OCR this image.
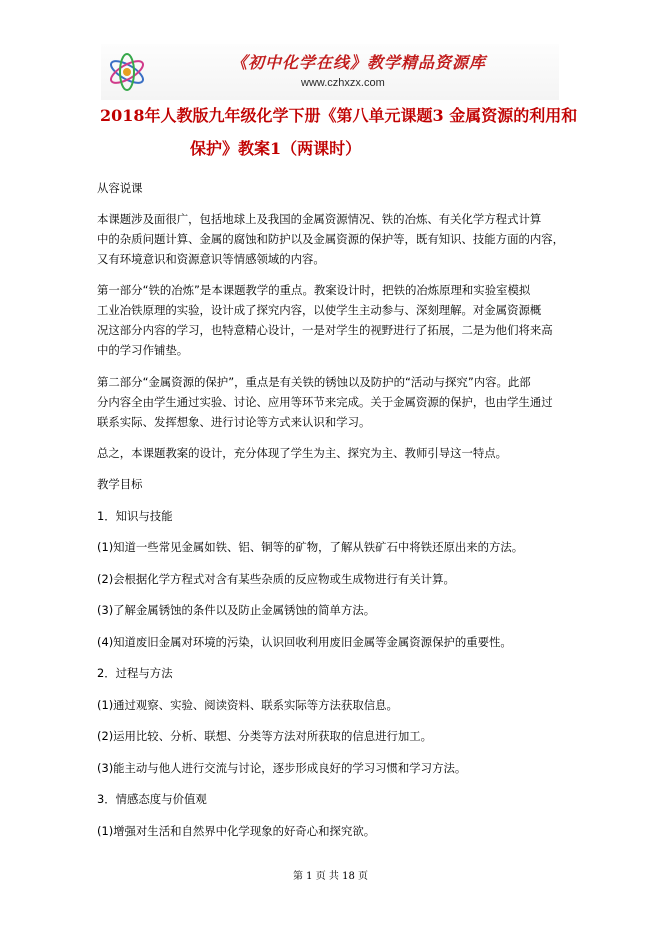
《初中化学在线》教学精品资源库
www.czhxzx.com
2018年人教版九年级化学下册《第八单元课题3 金属资源的利用和
保护》教案1（两课时）
从容说课
本课题涉及面很广，包括地球上及我国的金属资源情况、铁的冶炼、有关化学方程式计算
中的杂质问题计算、金属的腐蚀和防护以及金属资源的保护等，既有知识、技能方面的内容，
又有环境意识和资源意识等情感领域的内容。
第一部分“铁的冶炼”是本课题教学的重点。教案设计时，把铁的冶炼原理和实验室模拟
工业冶铁原理的实验，设计成了探究内容，以使学生主动参与、深刻理解。对金属资源概
况这部分内容的学习，也特意精心设计，一是对学生的视野进行了拓展，二是为他们将来高
中的学习作铺垫。
第二部分“金属资源的保护”，重点是有关铁的锈蚀以及防护的“活动与探究”内容。此部
分内容全由学生通过实验、讨论、应用等环节来完成。关于金属资源的保护，也由学生通过
联系实际、发挥想象、进行讨论等方式来认识和学习。
总之，本课题教案的设计，充分体现了学生为主、探究为主、教师引导这一特点。
教学目标
1．知识与技能
(1)知道一些常见金属如铁、铝、铜等的矿物，了解从铁矿石中将铁还原出来的方法。
(2)会根据化学方程式对含有某些杂质的反应物或生成物进行有关计算。
(3)了解金属锈蚀的条件以及防止金属锈蚀的简单方法。
(4)知道废旧金属对环境的污染，认识回收利用废旧金属等金属资源保护的重要性。
2．过程与方法
(1)通过观察、实验、阅读资料、联系实际等方法获取信息。
(2)运用比较、分析、联想、分类等方法对所获取的信息进行加工。
(3)能主动与他人进行交流与讨论，逐步形成良好的学习习惯和学习方法。
3．情感态度与价值观
(1)增强对生活和自然界中化学现象的好奇心和探究欲。
第 1 页 共 18 页
